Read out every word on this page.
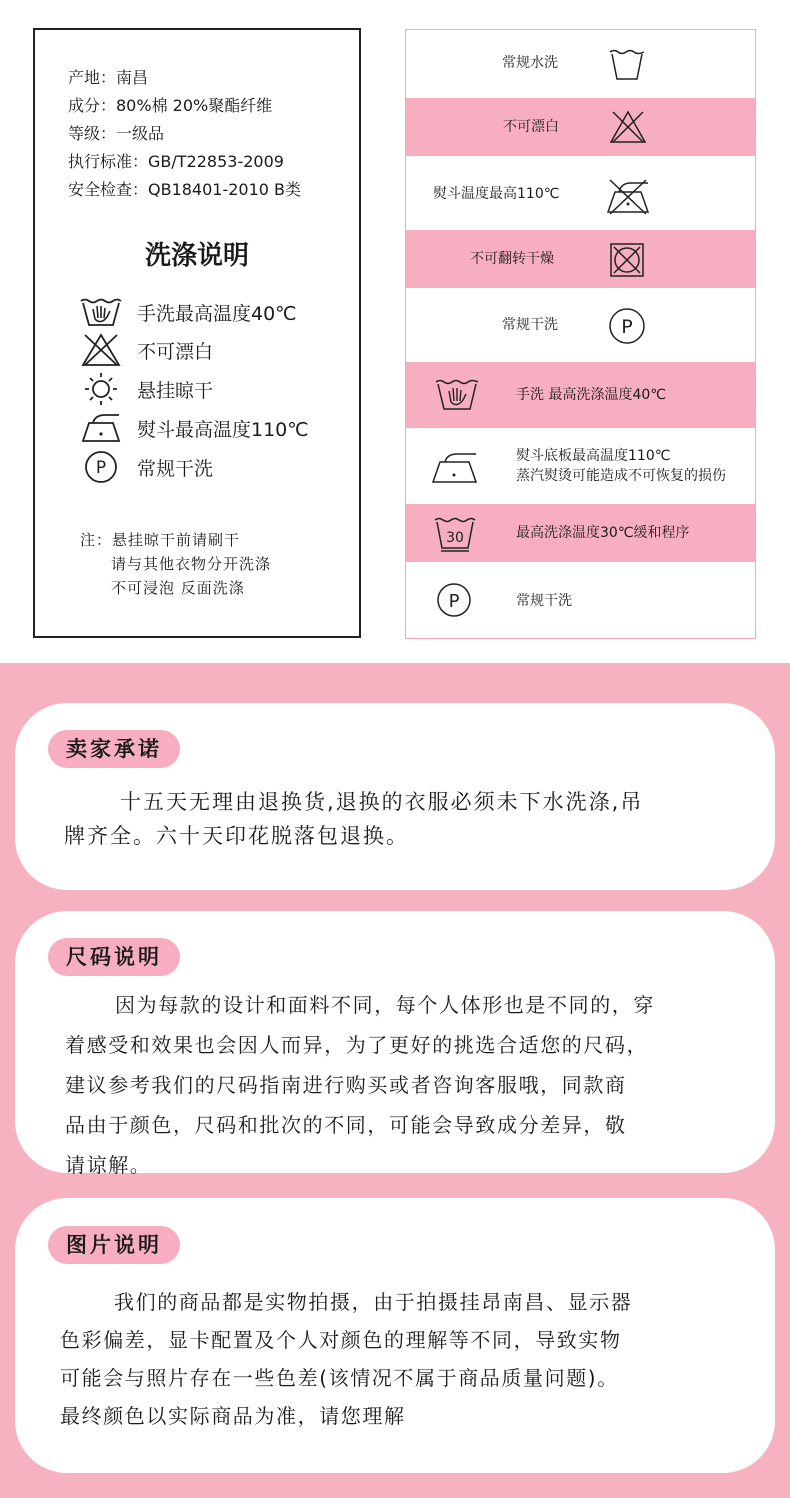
产地：南昌
成分：80%棉 20%聚酯纤维
等级：一级品
执行标准：GB/T22853-2009
安全检查：QB18401-2010 B类
洗涤说明
手洗最高温度40℃
不可漂白
悬挂晾干
熨斗最高温度110℃
P 常规干洗
注：悬挂晾干前请刷干
请与其他衣物分开洗涤
不可浸泡 反面洗涤
常规水洗
不可漂白
熨斗温度最高110℃
不可翻转干燥
常规干洗	P
手洗 最高洗涤温度40℃
熨斗底板最高温度110℃
蒸汽熨烫可能造成不可恢复的损伤
最高洗涤温度30℃缓和程序
30
常规干洗
P
卖家承诺
十五天无理由退换货,退换的衣服必须未下水洗涤,吊
牌齐全。六十天印花脱落包退换。
尺码说明
因为每款的设计和面料不同，每个人体形也是不同的，穿
着感受和效果也会因人而异，为了更好的挑选合适您的尺码，
建议参考我们的尺码指南进行购买或者咨询客服哦，同款商
品由于颜色，尺码和批次的不同，可能会导致成分差异，敬
请谅解。
图片说明
我们的商品都是实物拍摄，由于拍摄挂昂南昌、显示器
色彩偏差，显卡配置及个人对颜色的理解等不同，导致实物
可能会与照片存在一些色差(该情况不属于商品质量问题)。
最终颜色以实际商品为准，请您理解
